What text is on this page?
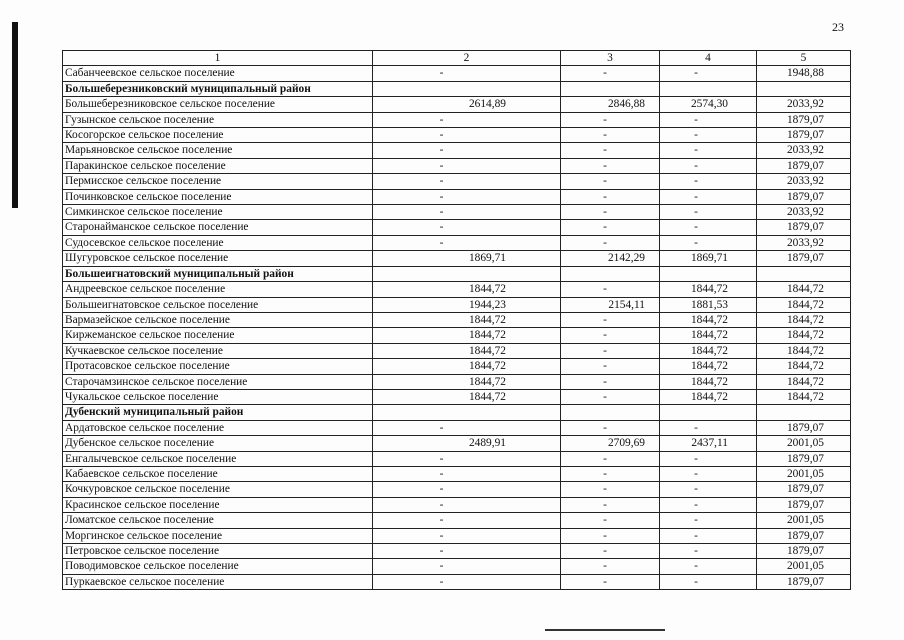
23
1	2	3	4	5
Сабанчеевское сельское поселение	-	-	-	1948,88
Большеберезниковский муниципальный район				
Большеберезниковское сельское поселение	2614,89	2846,88	2574,30	2033,92
Гузынское сельское поселение	-	-	-	1879,07
Косогорское сельское поселение	-	-	-	1879,07
Марьяновское сельское поселение	-	-	-	2033,92
Паракинское сельское поселение	-	-	-	1879,07
Пермисское сельское поселение	-	-	-	2033,92
Починковское сельское поселение	-	-	-	1879,07
Симкинское сельское поселение	-	-	-	2033,92
Старонайманское сельское поселение	-	-	-	1879,07
Судосевское сельское поселение	-	-	-	2033,92
Шугуровское сельское поселение	1869,71	2142,29	1869,71	1879,07
Большеигнатовский муниципальный район				
Андреевское сельское поселение	1844,72	-	1844,72	1844,72
Большеигнатовское сельское поселение	1944,23	2154,11	1881,53	1844,72
Вармазейское сельское поселение	1844,72	-	1844,72	1844,72
Киржеманское сельское поселение	1844,72	-	1844,72	1844,72
Кучкаевское сельское поселение	1844,72	-	1844,72	1844,72
Протасовское сельское поселение	1844,72	-	1844,72	1844,72
Старочамзинское сельское поселение	1844,72	-	1844,72	1844,72
Чукальское сельское поселение	1844,72	-	1844,72	1844,72
Дубенский муниципальный район				
Ардатовское сельское поселение	-	-	-	1879,07
Дубенское сельское поселение	2489,91	2709,69	2437,11	2001,05
Енгалычевское сельское поселение	-	-	-	1879,07
Кабаевское сельское поселение	-	-	-	2001,05
Кочкуровское сельское поселение	-	-	-	1879,07
Красинское сельское поселение	-	-	-	1879,07
Ломатское сельское поселение	-	-	-	2001,05
Моргинское сельское поселение	-	-	-	1879,07
Петровское сельское поселение	-	-	-	1879,07
Поводимовское сельское поселение	-	-	-	2001,05
Пуркаевское сельское поселение	-	-	-	1879,07
